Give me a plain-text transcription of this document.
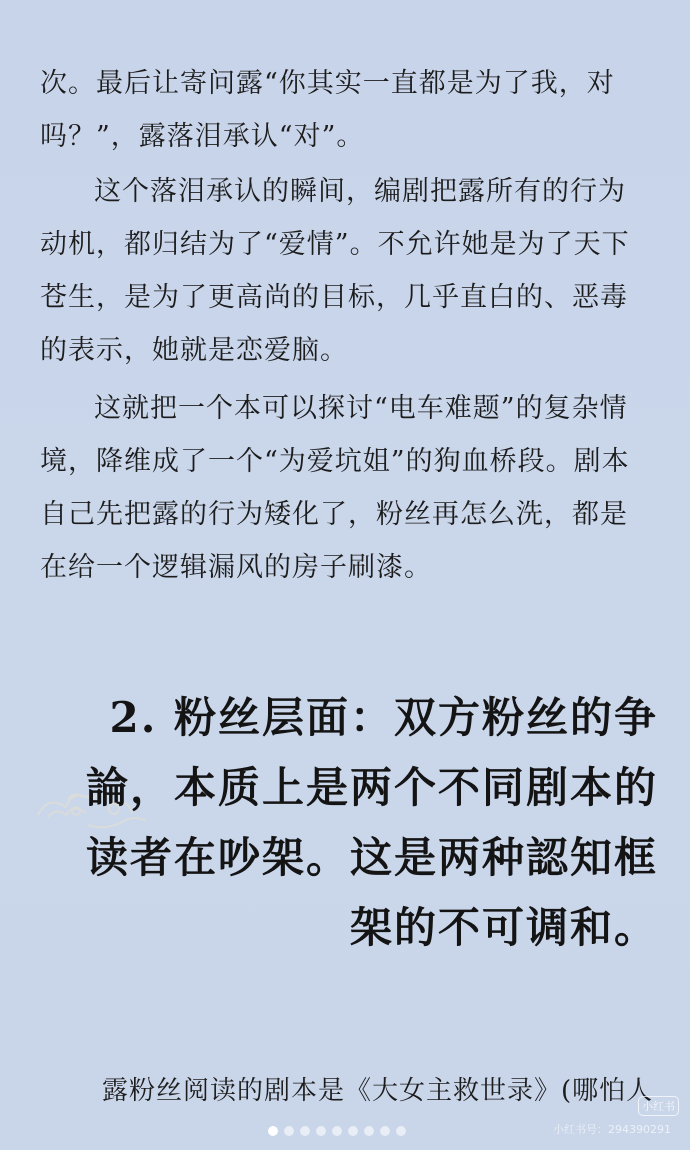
次。最后让寄问露“你其实一直都是为了我，对吗？”，露落泪承认“对”。

这个落泪承认的瞬间，编剧把露所有的行为动机，都归结为了“爱情”。不允许她是为了天下苍生，是为了更高尚的目标，几乎直白的、恶毒的表示，她就是恋爱脑。

这就把一个本可以探讨“电车难题”的复杂情境，降维成了一个“为爱坑姐”的狗血桥段。剧本自己先把露的行为矮化了，粉丝再怎么洗，都是在给一个逻辑漏风的房子刷漆。

2. 粉丝层面：双方粉丝的争
論，本质上是两个不同剧本的
读者在吵架。这是两种認知框
架的不可调和。

露粉丝阅读的剧本是《大女主救世录》(哪怕人

小红书
小红书号：294390291
